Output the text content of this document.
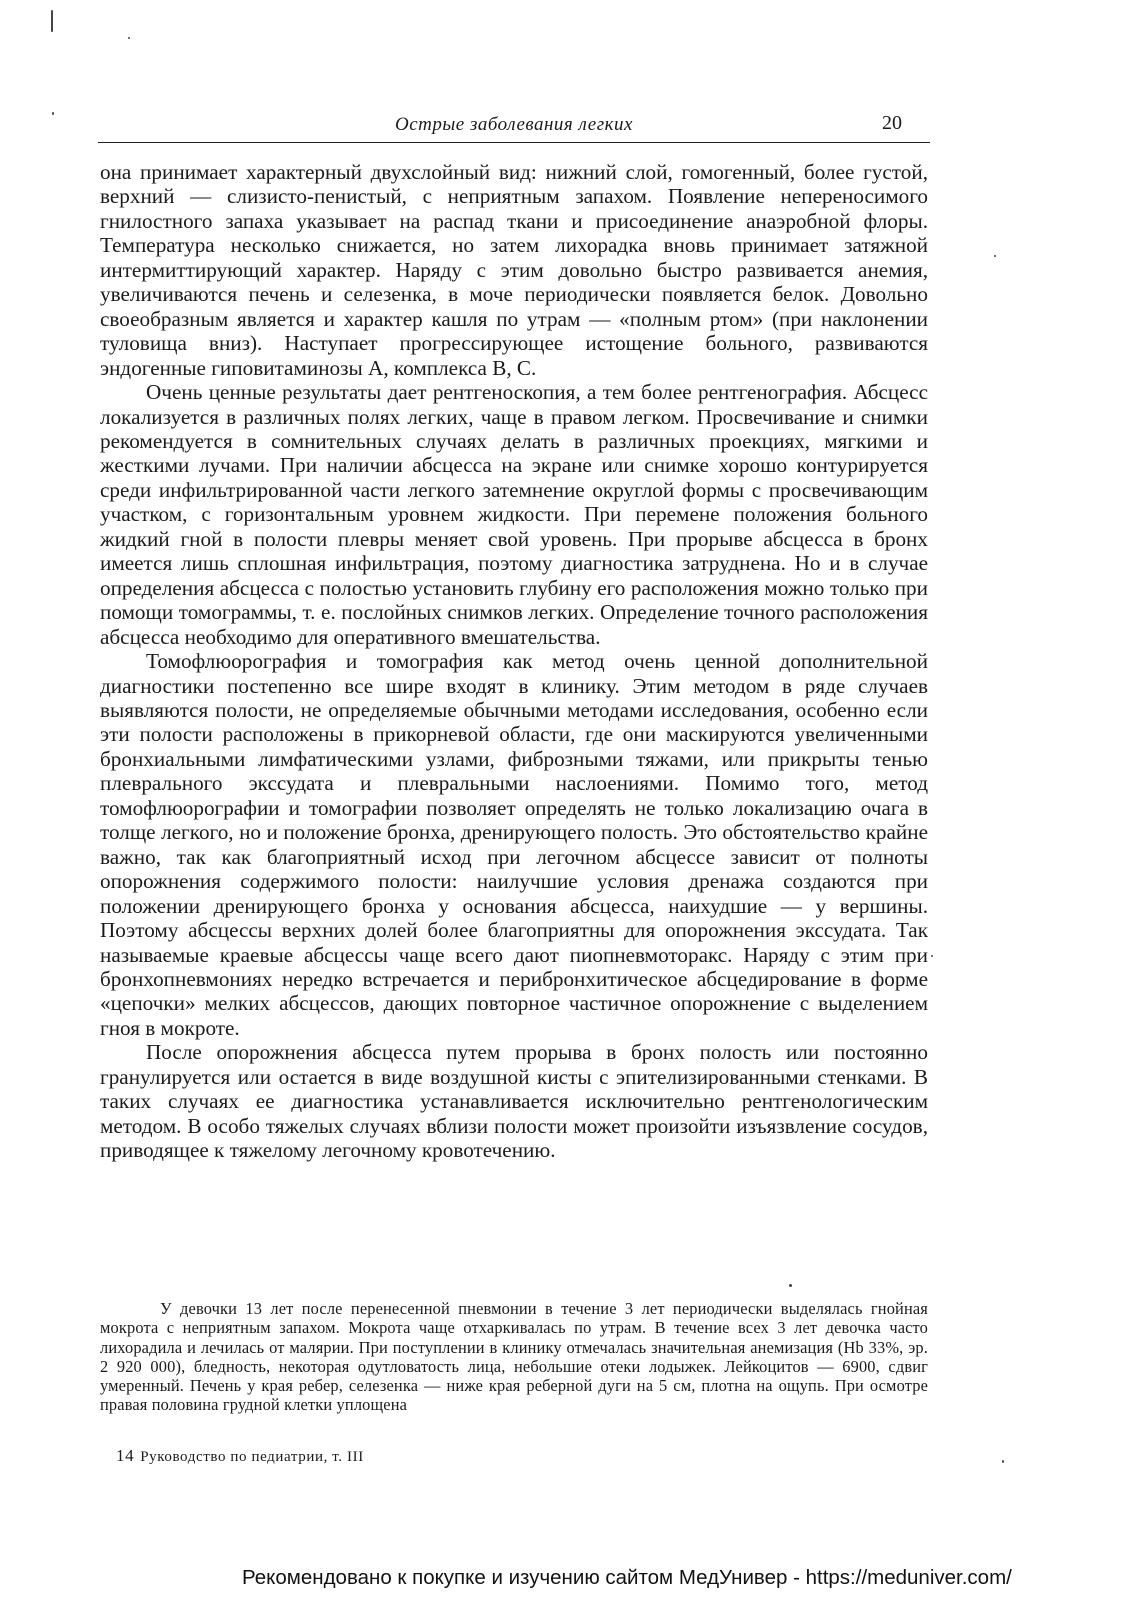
Острые заболевания легких	20

она принимает характерный двухслойный вид: нижний слой, гомогенный, более густой, верхний — слизисто-пенистый, с неприятным запахом. Появление непереносимого гнилостного запаха указывает на распад ткани и присоединение анаэробной флоры. Температура несколько снижается, но затем лихорадка вновь принимает затяжной интермиттирующий характер. Наряду с этим довольно быстро развивается анемия, увеличиваются печень и селезенка, в моче периодически появляется белок. Довольно своеобразным является и характер кашля по утрам — «полным ртом» (при наклонении туловища вниз). Наступает прогрессирующее истощение больного, развиваются эндогенные гиповитаминозы А, комплекса В, С.

Очень ценные результаты дает рентгеноскопия, а тем более рентгенография. Абсцесс локализуется в различных полях легких, чаще в правом легком. Просвечивание и снимки рекомендуется в сомнительных случаях делать в различных проекциях, мягкими и жесткими лучами. При наличии абсцесса на экране или снимке хорошо контурируется среди инфильтрированной части легкого затемнение округлой формы с просвечивающим участком, с горизонтальным уровнем жидкости. При перемене положения больного жидкий гной в полости плевры меняет свой уровень. При прорыве абсцесса в бронх имеется лишь сплошная инфильтрация, поэтому диагностика затруднена. Но и в случае определения абсцесса с полостью установить глубину его расположения можно только при помощи томограммы, т. е. послойных снимков легких. Определение точного расположения абсцесса необходимо для оперативного вмешательства.

Томофлюорография и томография как метод очень ценной дополнительной диагностики постепенно все шире входят в клинику. Этим методом в ряде случаев выявляются полости, не определяемые обычными методами исследования, особенно если эти полости расположены в прикорневой области, где они маскируются увеличенными бронхиальными лимфатическими узлами, фиброзными тяжами, или прикрыты тенью плеврального экссудата и плевральными наслоениями. Помимо того, метод томофлюорографии и томографии позволяет определять не только локализацию очага в толще легкого, но и положение бронха, дренирующего полость. Это обстоятельство крайне важно, так как благоприятный исход при легочном абсцессе зависит от полноты опорожнения содержимого полости: наилучшие условия дренажа создаются при положении дренирующего бронха у основания абсцесса, наихудшие — у вершины. Поэтому абсцессы верхних долей более благоприятны для опорожнения экссудата. Так называемые краевые абсцессы чаще всего дают пиопневмоторакс. Наряду с этим при бронхопневмониях нередко встречается и перибронхитическое абсцедирование в форме «цепочки» мелких абсцессов, дающих повторное частичное опорожнение с выделением гноя в мокроте.

После опорожнения абсцесса путем прорыва в бронх полость или постоянно гранулируется или остается в виде воздушной кисты с эпителизированными стенками. В таких случаях ее диагностика устанавливается исключительно рентгенологическим методом. В особо тяжелых случаях вблизи полости может произойти изъязвление сосудов, приводящее к тяжелому легочному кровотечению.

У девочки 13 лет после перенесенной пневмонии в течение 3 лет периодически выделялась гнойная мокрота с неприятным запахом. Мокрота чаще отхаркивалась по утрам. В течение всех 3 лет девочка часто лихорадила и лечилась от малярии. При поступлении в клинику отмечалась значительная анемизация (Hb 33%, эр. 2 920 000), бледность, некоторая одутловатость лица, небольшие отеки лодыжек. Лейкоцитов — 6900, сдвиг умеренный. Печень у края ребер, селезенка — ниже края реберной дуги на 5 см, плотна на ощупь. При осмотре правая половина грудной клетки уплощена

14 Руководство по педиатрии, т. III
Рекомендовано к покупке и изучению сайтом МедУнивер - https://meduniver.com/
